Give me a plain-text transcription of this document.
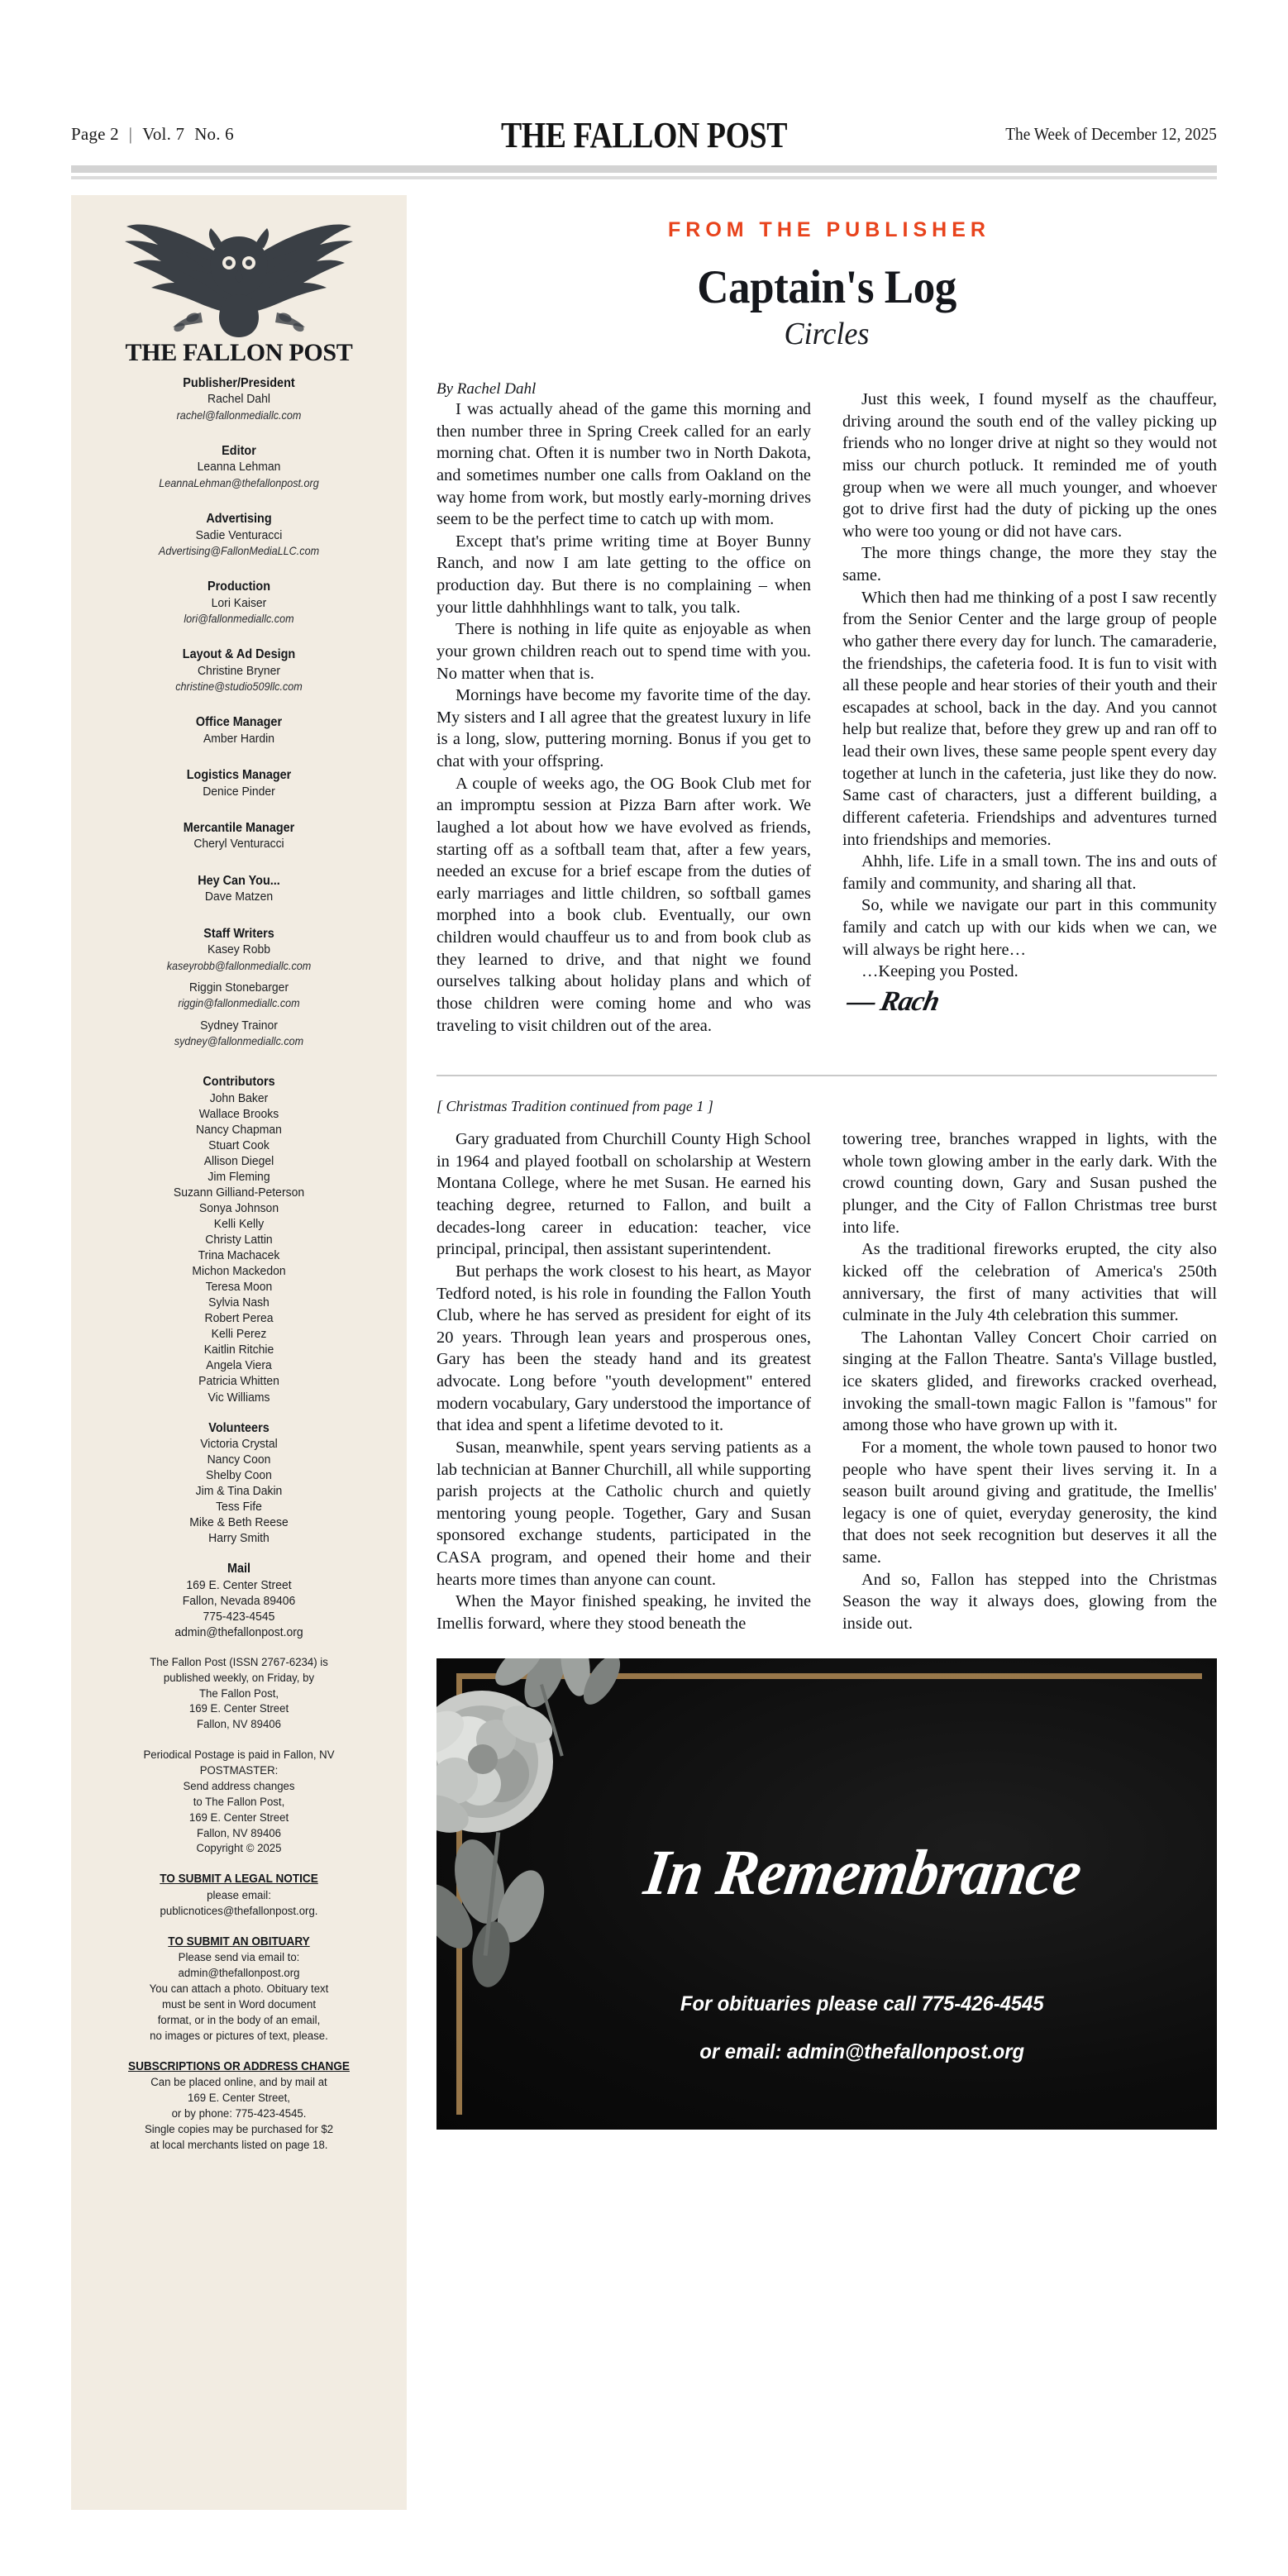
Page 2 | Vol. 7 No. 6	THE FALLON POST	The Week of December 12, 2025
THE FALLON POST
Publisher/President
Rachel Dahl
rachel@fallonmediallc.com
Editor
Leanna Lehman
LeannaLehman@thefallonpost.org
Advertising
Sadie Venturacci
Advertising@FallonMediaLLC.com
Production
Lori Kaiser
lori@fallonmediallc.com
Layout & Ad Design
Christine Bryner
christine@studio509llc.com
Office Manager
Amber Hardin
Logistics Manager
Denice Pinder
Mercantile Manager
Cheryl Venturacci
Hey Can You...
Dave Matzen
Staff Writers
Kasey Robb
kaseyrobb@fallonmediallc.com
Riggin Stonebarger
riggin@fallonmediallc.com
Sydney Trainor
sydney@fallonmediallc.com
Contributors
John Baker
Wallace Brooks
Nancy Chapman
Stuart Cook
Allison Diegel
Jim Fleming
Suzann Gilliand-Peterson
Sonya Johnson
Kelli Kelly
Christy Lattin
Trina Machacek
Michon Mackedon
Teresa Moon
Sylvia Nash
Robert Perea
Kelli Perez
Kaitlin Ritchie
Angela Viera
Patricia Whitten
Vic Williams
Volunteers
Victoria Crystal
Nancy Coon
Shelby Coon
Jim & Tina Dakin
Tess Fife
Mike & Beth Reese
Harry Smith
Mail
169 E. Center Street
Fallon, Nevada 89406
775-423-4545
admin@thefallonpost.org
The Fallon Post (ISSN 2767-6234) is
published weekly, on Friday, by
The Fallon Post,
169 E. Center Street
Fallon, NV 89406
Periodical Postage is paid in Fallon, NV
POSTMASTER:
Send address changes
to The Fallon Post,
169 E. Center Street
Fallon, NV 89406
Copyright © 2025
TO SUBMIT A LEGAL NOTICE
please email:
publicnotices@thefallonpost.org.
TO SUBMIT AN OBITUARY
Please send via email to:
admin@thefallonpost.org
You can attach a photo. Obituary text
must be sent in Word document
format, or in the body of an email,
no images or pictures of text, please.
SUBSCRIPTIONS OR ADDRESS CHANGE
Can be placed online, and by mail at
169 E. Center Street,
or by phone: 775-423-4545.
Single copies may be purchased for $2
at local merchants listed on page 18.
FROM THE PUBLISHER
Captain's Log
Circles
By Rachel Dahl

I was actually ahead of the game this morning and then number three in Spring Creek called for an early morning chat. Often it is number two in North Dakota, and sometimes number one calls from Oakland on the way home from work, but mostly early-morning drives seem to be the perfect time to catch up with mom.

Except that's prime writing time at Boyer Bunny Ranch, and now I am late getting to the office on production day. But there is no complaining – when your little dahhhhlings want to talk, you talk.

There is nothing in life quite as enjoyable as when your grown children reach out to spend time with you. No matter when that is.

Mornings have become my favorite time of the day. My sisters and I all agree that the greatest luxury in life is a long, slow, puttering morning. Bonus if you get to chat with your offspring.

A couple of weeks ago, the OG Book Club met for an impromptu session at Pizza Barn after work. We laughed a lot about how we have evolved as friends, starting off as a softball team that, after a few years, needed an excuse for a brief escape from the duties of early marriages and little children, so softball games morphed into a book club. Eventually, our own children would chauffeur us to and from book club as they learned to drive, and that night we found ourselves talking about holiday plans and which of those children were coming home and who was traveling to visit children out of the area.

Just this week, I found myself as the chauffeur, driving around the south end of the valley picking up friends who no longer drive at night so they would not miss our church potluck. It reminded me of youth group when we were all much younger, and whoever got to drive first had the duty of picking up the ones who were too young or did not have cars.

The more things change, the more they stay the same.

Which then had me thinking of a post I saw recently from the Senior Center and the large group of people who gather there every day for lunch. The camaraderie, the friendships, the cafeteria food. It is fun to visit with all these people and hear stories of their youth and their escapades at school, back in the day. And you cannot help but realize that, before they grew up and ran off to lead their own lives, these same people spent every day together at lunch in the cafeteria, just like they do now. Same cast of characters, just a different building, a different cafeteria. Friendships and adventures turned into friendships and memories.

Ahhh, life. Life in a small town. The ins and outs of family and community, and sharing all that.

So, while we navigate our part in this community family and catch up with our kids when we can, we will always be right here…

…Keeping you Posted.

— Rach
[ Christmas Tradition continued from page 1 ]

Gary graduated from Churchill County High School in 1964 and played football on scholarship at Western Montana College, where he met Susan. He earned his teaching degree, returned to Fallon, and built a decades-long career in education: teacher, vice principal, principal, then assistant superintendent.

But perhaps the work closest to his heart, as Mayor Tedford noted, is his role in founding the Fallon Youth Club, where he has served as president for eight of its 20 years. Through lean years and prosperous ones, Gary has been the steady hand and its greatest advocate. Long before "youth development" entered modern vocabulary, Gary understood the importance of that idea and spent a lifetime devoted to it.

Susan, meanwhile, spent years serving patients as a lab technician at Banner Churchill, all while supporting parish projects at the Catholic church and quietly mentoring young people. Together, Gary and Susan sponsored exchange students, participated in the CASA program, and opened their home and their hearts more times than anyone can count.

When the Mayor finished speaking, he invited the Imellis forward, where they stood beneath the

towering tree, branches wrapped in lights, with the whole town glowing amber in the early dark. With the crowd counting down, Gary and Susan pushed the plunger, and the City of Fallon Christmas tree burst into life.

As the traditional fireworks erupted, the city also kicked off the celebration of America's 250th anniversary, the first of many activities that will culminate in the July 4th celebration this summer.

The Lahontan Valley Concert Choir carried on singing at the Fallon Theatre. Santa's Village bustled, ice skaters glided, and fireworks cracked overhead, invoking the small-town magic Fallon is "famous" for among those who have grown up with it.

For a moment, the whole town paused to honor two people who have spent their lives serving it. In a season built around giving and gratitude, the Imellis' legacy is one of quiet, everyday generosity, the kind that does not seek recognition but deserves it all the same.

And so, Fallon has stepped into the Christmas Season the way it always does, glowing from the inside out.

In Remembrance
For obituaries please call 775-426-4545
or email: admin@thefallonpost.org
